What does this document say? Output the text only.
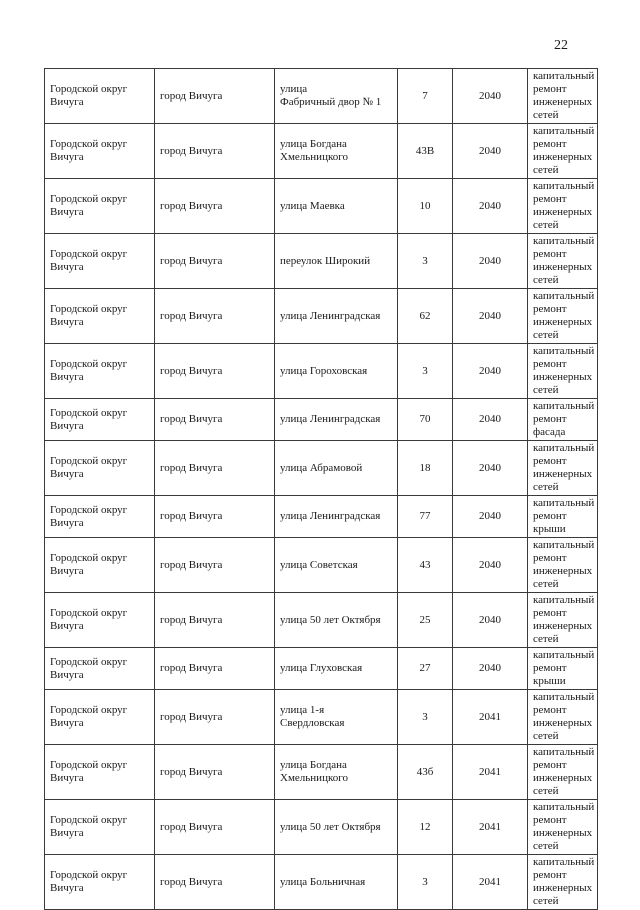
22
Городской округ
Вичуга	город Вичуга	улица
Фабричный двор № 1	7	2040	капитальный
ремонт
инженерных
сетей
Городской округ
Вичуга	город Вичуга	улица Богдана
Хмельницкого	43В	2040	капитальный
ремонт
инженерных
сетей
Городской округ
Вичуга	город Вичуга	улица Маевка	10	2040	капитальный
ремонт
инженерных
сетей
Городской округ
Вичуга	город Вичуга	переулок Широкий	3	2040	капитальный
ремонт
инженерных
сетей
Городской округ
Вичуга	город Вичуга	улица Ленинградская	62	2040	капитальный
ремонт
инженерных
сетей
Городской округ
Вичуга	город Вичуга	улица Гороховская	3	2040	капитальный
ремонт
инженерных
сетей
Городской округ
Вичуга	город Вичуга	улица Ленинградская	70	2040	капитальный
ремонт фасада
Городской округ
Вичуга	город Вичуга	улица Абрамовой	18	2040	капитальный
ремонт
инженерных
сетей
Городской округ
Вичуга	город Вичуга	улица Ленинградская	77	2040	капитальный
ремонт крыши
Городской округ
Вичуга	город Вичуга	улица Советская	43	2040	капитальный
ремонт
инженерных
сетей
Городской округ
Вичуга	город Вичуга	улица 50 лет Октября	25	2040	капитальный
ремонт
инженерных
сетей
Городской округ
Вичуга	город Вичуга	улица Глуховская	27	2040	капитальный
ремонт крыши
Городской округ
Вичуга	город Вичуга	улица 1-я
Свердловская	3	2041	капитальный
ремонт
инженерных
сетей
Городской округ
Вичуга	город Вичуга	улица Богдана
Хмельницкого	43б	2041	капитальный
ремонт
инженерных
сетей
Городской округ
Вичуга	город Вичуга	улица 50 лет Октября	12	2041	капитальный
ремонт
инженерных
сетей
Городской округ
Вичуга	город Вичуга	улица Больничная	3	2041	капитальный
ремонт
инженерных
сетей
